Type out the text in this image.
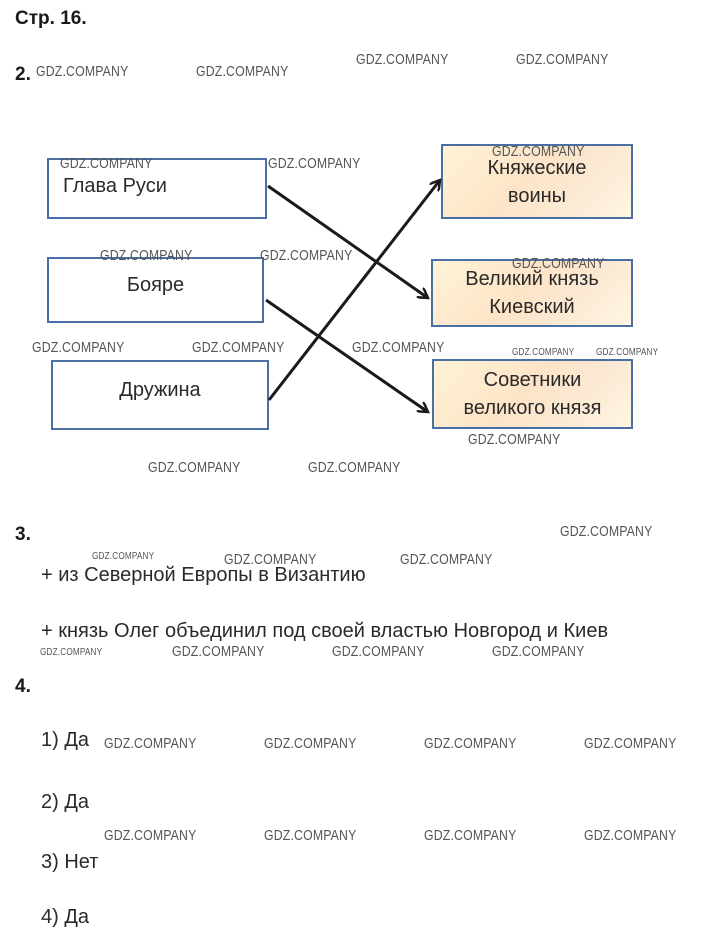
Стр. 16.
2.
Глава Руси
Бояре
Дружина
Княжеские
воины
Великий князь
Киевский
Советники
великого князя
3.
+ из Северной Европы в Византию
+ князь Олег объединил под своей властью Новгород и Киев
4.
1) Да
2) Да
3) Нет
4) Да
GDZ.COMPANY	GDZ.COMPANY
GDZ.COMPANY	GDZ.COMPANY
GDZ.COMPANY	GDZ.COMPANY
GDZ.COMPANY
GDZ.COMPANY	GDZ.COMPANY	GDZ.COMPANY
GDZ.COMPANY	GDZ.COMPANY	GDZ.COMPANY	GDZ.COMPANY GDZ.COMPANY
GDZ.COMPANY
GDZ.COMPANY	GDZ.COMPANY
GDZ.COMPANY
GDZ.COMPANY	GDZ.COMPANY	GDZ.COMPANY
GDZ.COMPANY	GDZ.COMPANY	GDZ.COMPANY	GDZ.COMPANY
GDZ.COMPANY	GDZ.COMPANY	GDZ.COMPANY	GDZ.COMPANY
GDZ.COMPANY	GDZ.COMPANY	GDZ.COMPANY	GDZ.COMPANY
